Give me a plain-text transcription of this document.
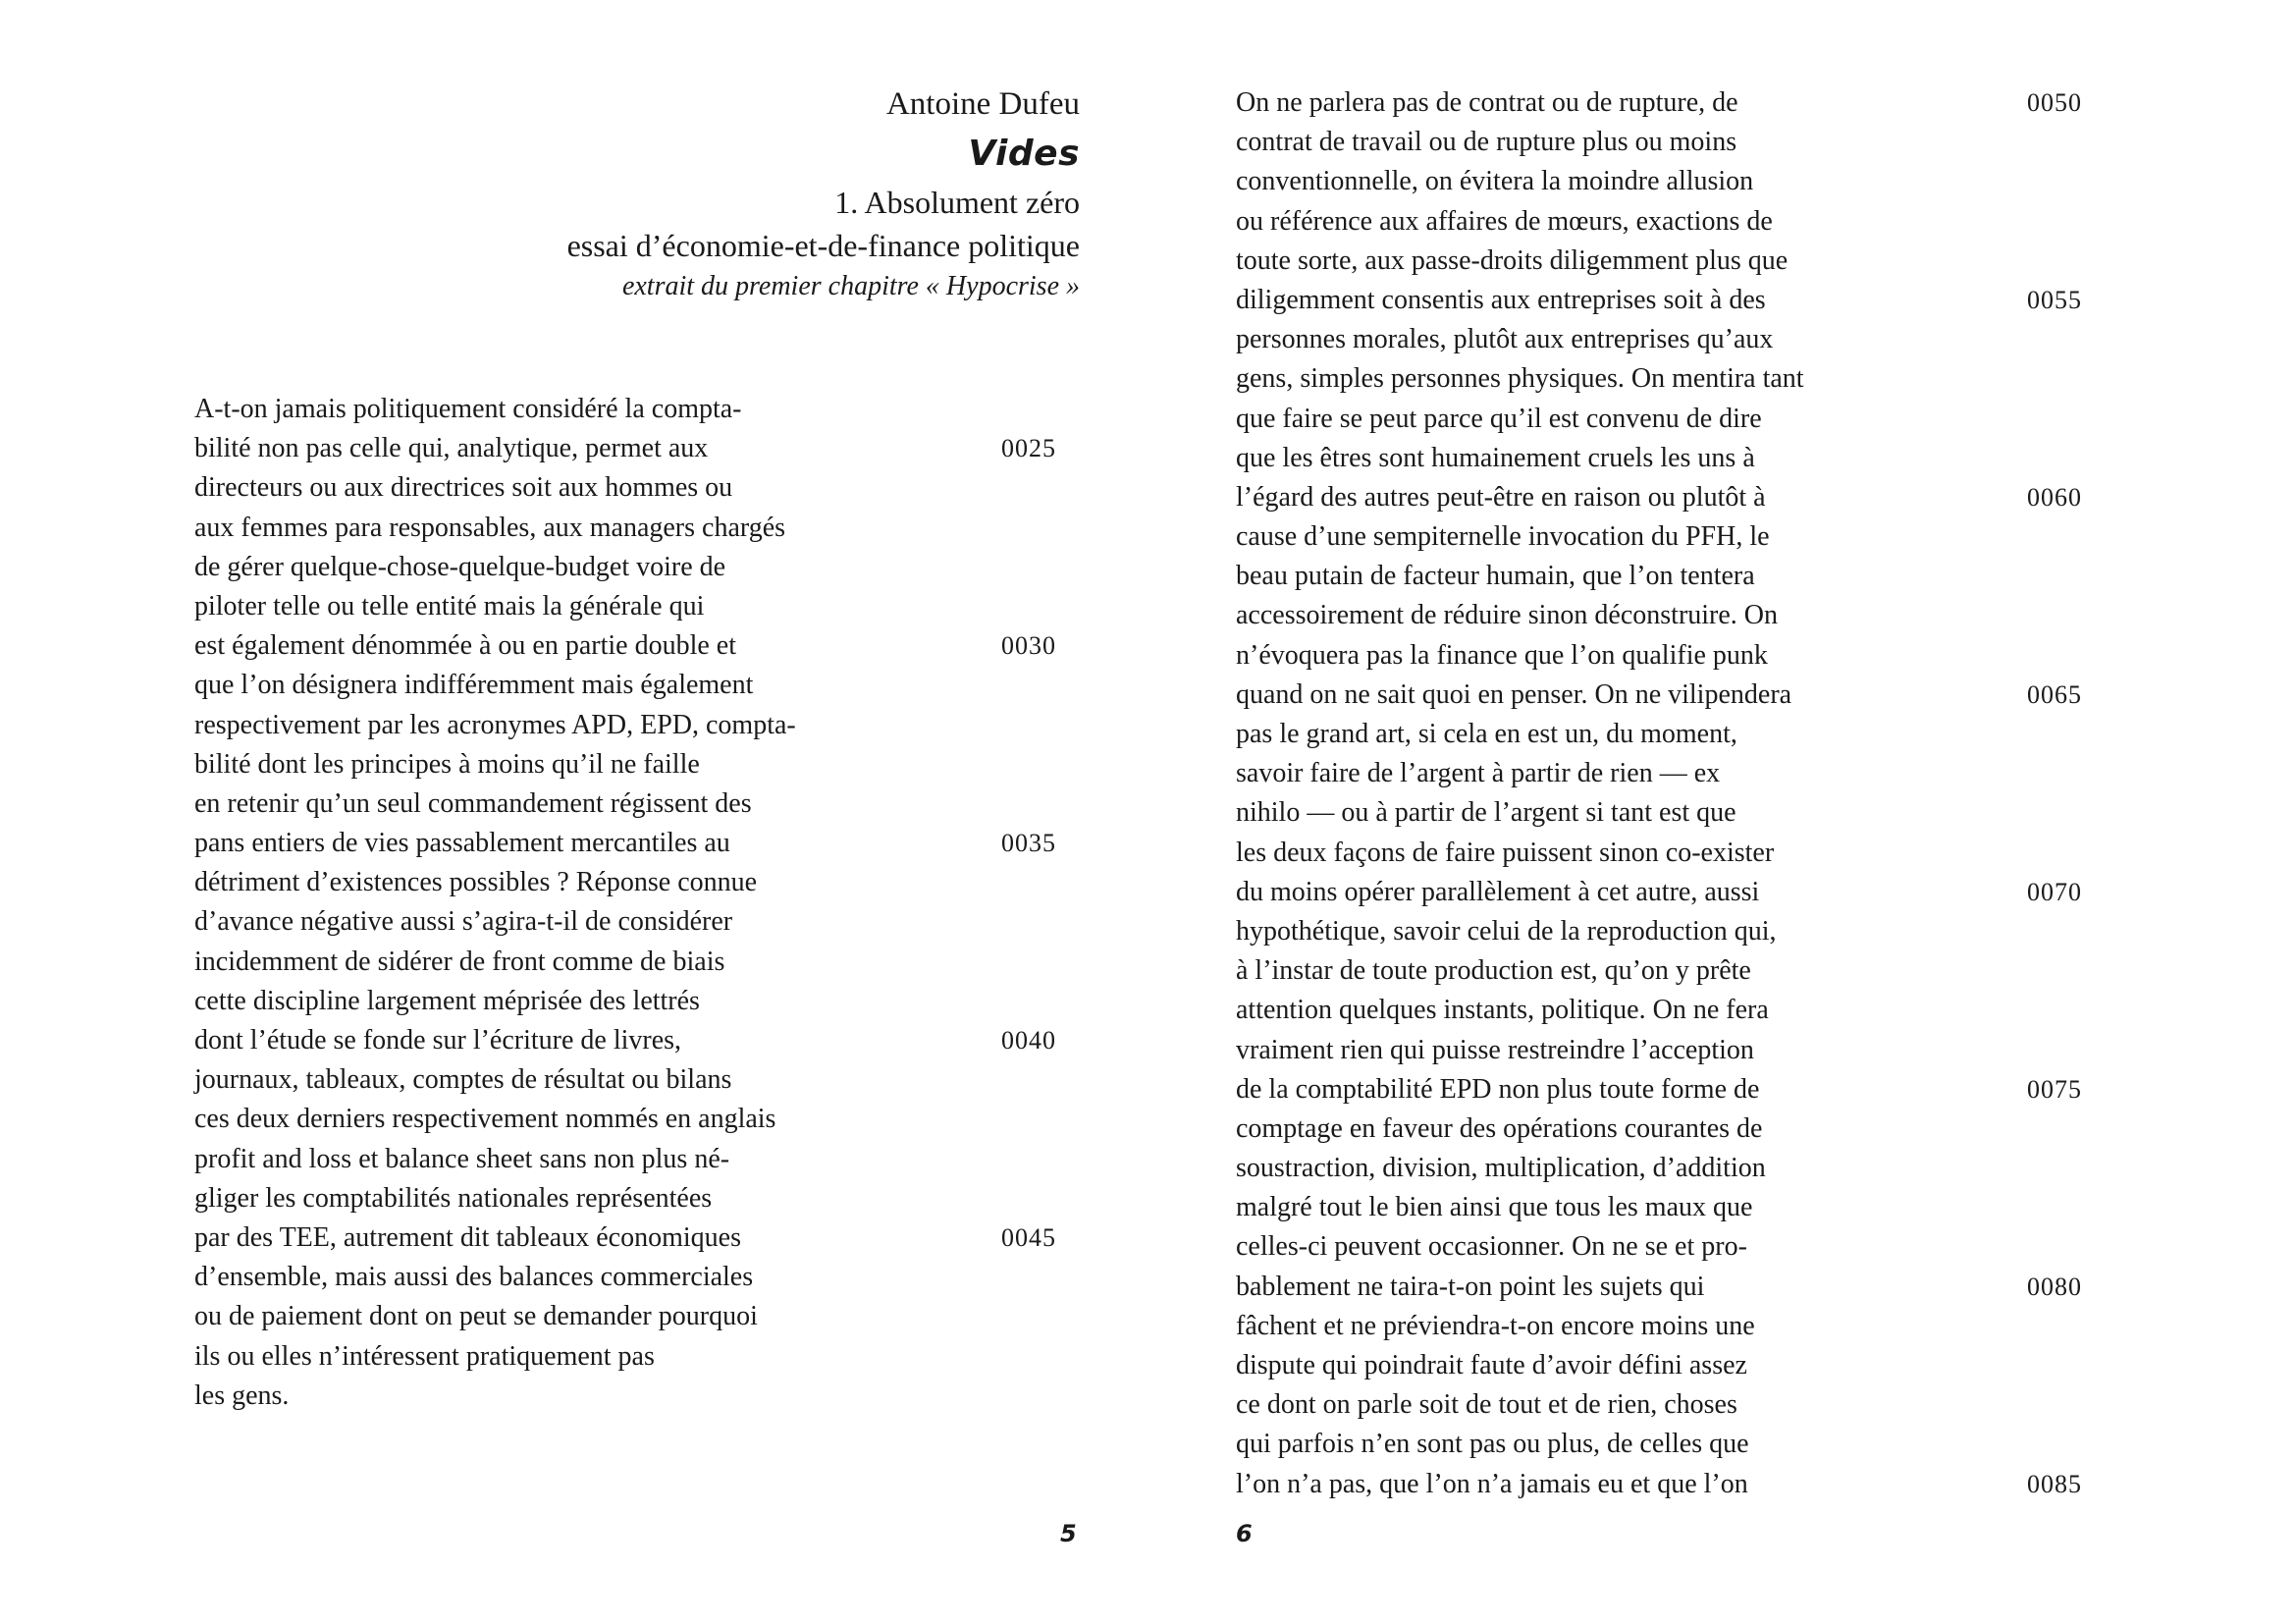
Antoine Dufeu
Vides
1. Absolument zéro
essai d’économie-et-de-finance politique
extrait du premier chapitre « Hypocrise »
A-t-on jamais politiquement considéré la compta-
bilité non pas celle qui, analytique, permet aux
directeurs ou aux directrices soit aux hommes ou
aux femmes para responsables, aux managers chargés
de gérer quelque-chose-quelque-budget voire de
piloter telle ou telle entité mais la générale qui
est également dénommée à ou en partie double et
que l’on désignera indifféremment mais également
respectivement par les acronymes APD, EPD, compta-
bilité dont les principes à moins qu’il ne faille
en retenir qu’un seul commandement régissent des
pans entiers de vies passablement mercantiles au
détriment d’existences possibles ? Réponse connue
d’avance négative aussi s’agira-t-il de considérer
incidemment de sidérer de front comme de biais
cette discipline largement méprisée des lettrés
dont l’étude se fonde sur l’écriture de livres,
journaux, tableaux, comptes de résultat ou bilans
ces deux derniers respectivement nommés en anglais
profit and loss et balance sheet sans non plus né-
gliger les comptabilités nationales représentées
par des TEE, autrement dit tableaux économiques
d’ensemble, mais aussi des balances commerciales
ou de paiement dont on peut se demander pourquoi
ils ou elles n’intéressent pratiquement pas
les gens.
0025
0030
0035
0040
0045
5
On ne parlera pas de contrat ou de rupture, de
contrat de travail ou de rupture plus ou moins
conventionnelle, on évitera la moindre allusion
ou référence aux affaires de mœurs, exactions de
toute sorte, aux passe-droits diligemment plus que
diligemment consentis aux entreprises soit à des
personnes morales, plutôt aux entreprises qu’aux
gens, simples personnes physiques. On mentira tant
que faire se peut parce qu’il est convenu de dire
que les êtres sont humainement cruels les uns à
l’égard des autres peut-être en raison ou plutôt à
cause d’une sempiternelle invocation du PFH, le
beau putain de facteur humain, que l’on tentera
accessoirement de réduire sinon déconstruire. On
n’évoquera pas la finance que l’on qualifie punk
quand on ne sait quoi en penser. On ne vilipendera
pas le grand art, si cela en est un, du moment,
savoir faire de l’argent à partir de rien — ex
nihilo — ou à partir de l’argent si tant est que
les deux façons de faire puissent sinon co-exister
du moins opérer parallèlement à cet autre, aussi
hypothétique, savoir celui de la reproduction qui,
à l’instar de toute production est, qu’on y prête
attention quelques instants, politique. On ne fera
vraiment rien qui puisse restreindre l’acception
de la comptabilité EPD non plus toute forme de
comptage en faveur des opérations courantes de
soustraction, division, multiplication, d’addition
malgré tout le bien ainsi que tous les maux que
celles-ci peuvent occasionner. On ne se et pro-
bablement ne taira-t-on point les sujets qui
fâchent et ne préviendra-t-on encore moins une
dispute qui poindrait faute d’avoir défini assez
ce dont on parle soit de tout et de rien, choses
qui parfois n’en sont pas ou plus, de celles que
l’on n’a pas, que l’on n’a jamais eu et que l’on
0050
0055
0060
0065
0070
0075
0080
0085
6
